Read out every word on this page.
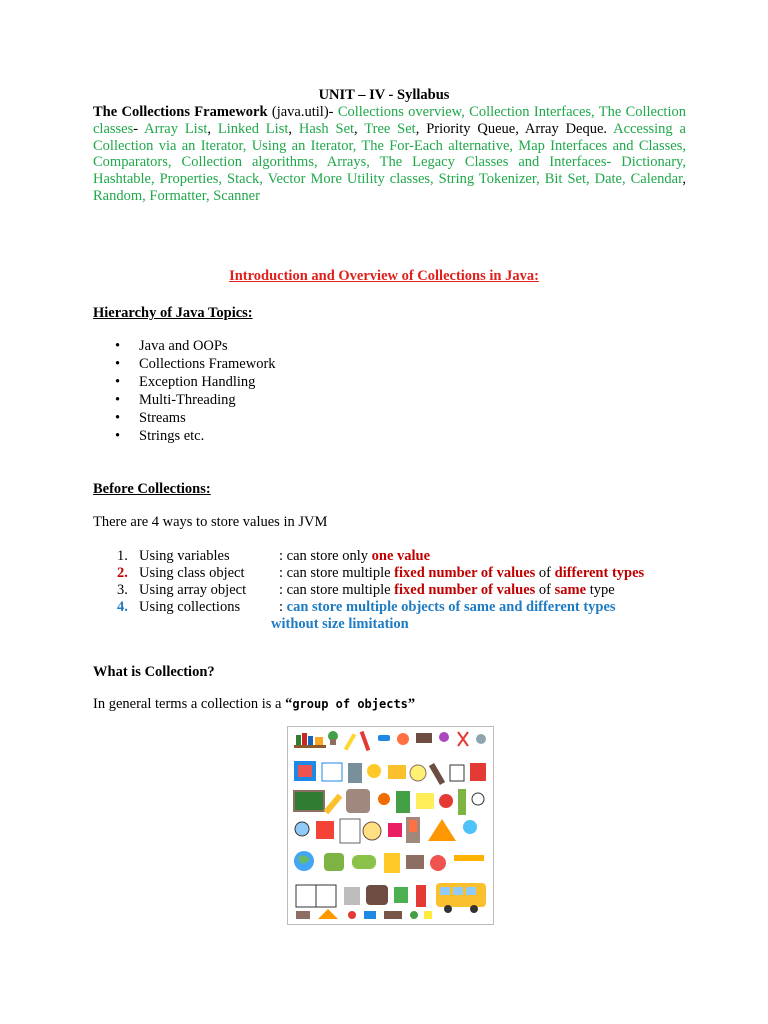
UNIT – IV - Syllabus
The Collections Framework (java.util)- Collections overview, Collection Interfaces, The Collection classes- Array List, Linked List, Hash Set, Tree Set, Priority Queue, Array Deque. Accessing a Collection via an Iterator, Using an Iterator, The For-Each alternative, Map Interfaces and Classes, Comparators, Collection algorithms, Arrays, The Legacy Classes and Interfaces- Dictionary, Hashtable, Properties, Stack, Vector More Utility classes, String Tokenizer, Bit Set, Date, Calendar, Random, Formatter, Scanner
Introduction and Overview of Collections in Java:
Hierarchy of Java Topics:
• Java and OOPs
• Collections Framework
• Exception Handling
• Multi-Threading
• Streams
• Strings etc.
Before Collections:
There are 4 ways to store values in JVM
1. Using variables	: can store only one value
2. Using class object : can store multiple fixed number of values of different types
3. Using array object : can store multiple fixed number of values of same type
4. Using collections	: can store multiple objects of same and different types
without size limitation
What is Collection?
In general terms a collection is a “group of objects”
